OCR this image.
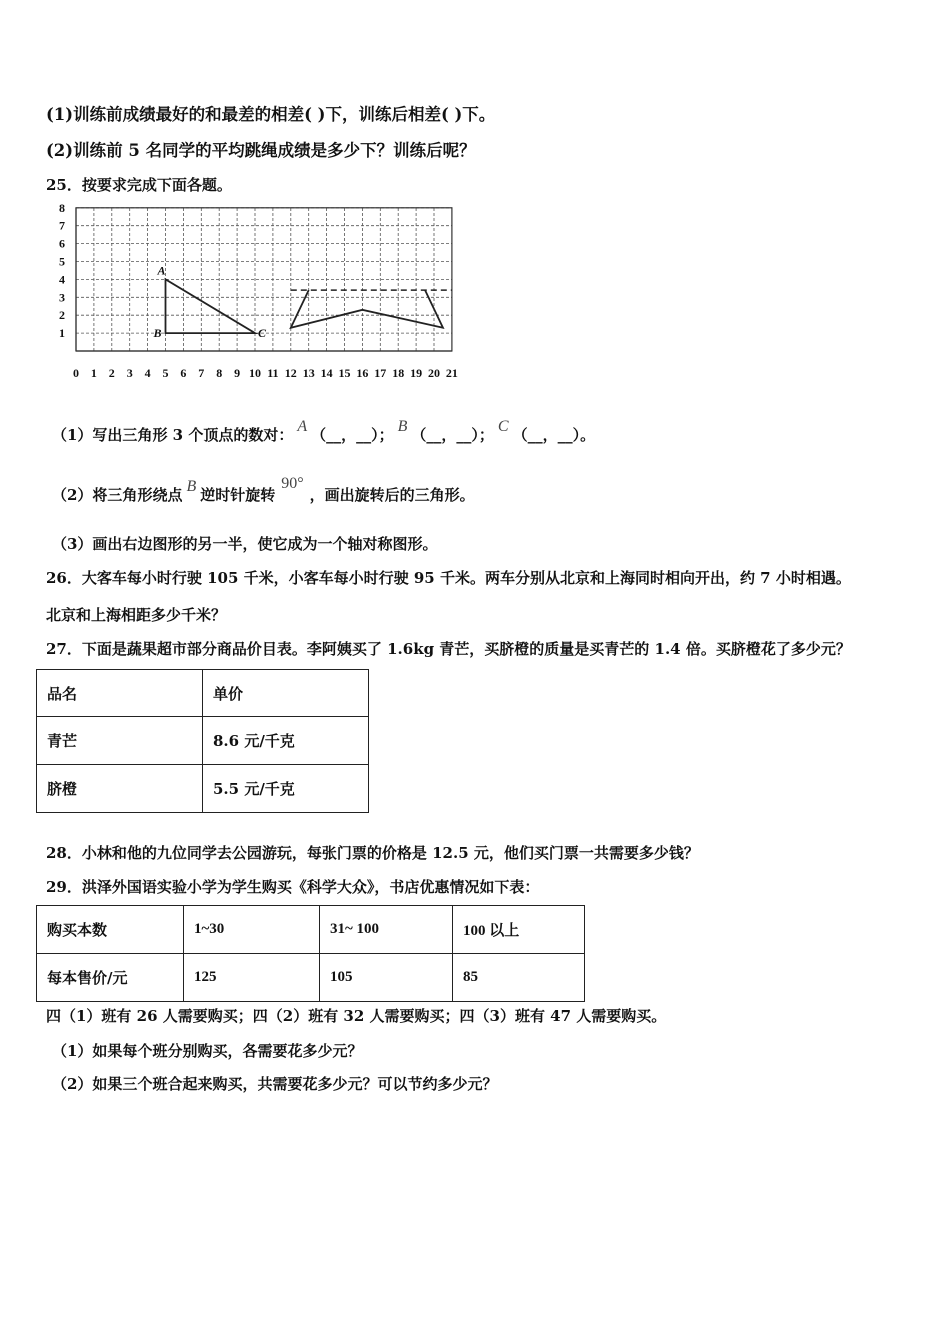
(1)训练前成绩最好的和最差的相差( )下，训练后相差( )下。
(2)训练前 5 名同学的平均跳绳成绩是多少下？训练后呢？
25．按要求完成下面各题。
0 1 2 3 4 5 6 7 8 9 10 11 12 13 14 15 16 17 18 19 20 21
1
2
3
4
5
6
7
8
A
B	C
（1）写出三角形 3 个顶点的数对： A （__，__）； B （__，__）； C （__，__）。
（2）将三角形绕点 B 逆时针旋转90°，画出旋转后的三角形。
（3）画出右边图形的另一半，使它成为一个轴对称图形。
26．大客车每小时行驶 105 千米，小客车每小时行驶 95 千米。两车分别从北京和上海同时相向开出，约 7 小时相遇。
北京和上海相距多少千米？
27．下面是蔬果超市部分商品价目表。李阿姨买了 1.6kg 青芒，买脐橙的质量是买青芒的 1.4 倍。买脐橙花了多少元？
品名	单价
青芒	8.6 元/千克
脐橙	5.5 元/千克
28．小林和他的九位同学去公园游玩，每张门票的价格是 12.5 元，他们买门票一共需要多少钱？
29．洪泽外国语实验小学为学生购买《科学大众》，书店优惠情况如下表：
购买本数	1~30	31~ 100	100 以上
每本售价/元	125	105	85
四（1）班有 26 人需要购买；四（2）班有 32 人需要购买；四（3）班有 47 人需要购买。
（1）如果每个班分别购买，各需要花多少元？
（2）如果三个班合起来购买，共需要花多少元？可以节约多少元？
